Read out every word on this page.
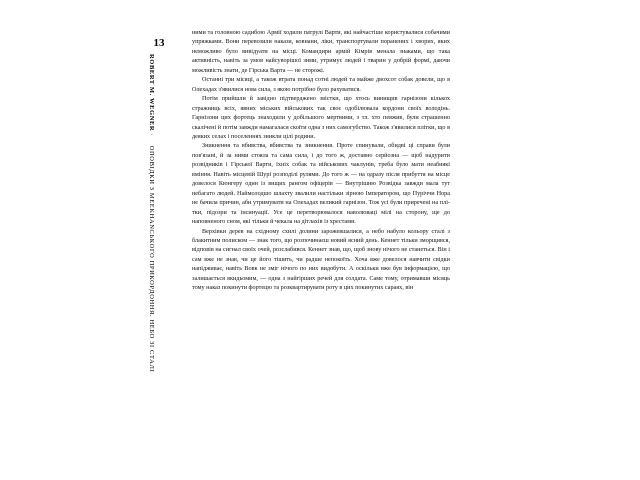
13
ROBERT M. WEGNER · OПОВІДКИ З MEEKHANСЬКОГО ПРИКОРДОННЯ. НЕБО ЗІ СТАЛІ

ними та головною садибою Армії ходили патрулі Варти, які найчастіше користувалися собачими упряжками. Вони перевозили накази, ковнани, ліки, транспортували поранених і хворих, яких неможливо було вивідуати на місці. Командири армій Кімрів менала знаками, що така активність, навіть за умов найсуворішої зими, утримує людей і тварин у добрій формі, даючи можливість знати, де Гірська Варта — не сторожі.

Останні три місяці, а також втрата понад сотні людей та майже двохсот собак довели, що в Олехадах з'явилися нова сила, з якою потрібно було рахуватися.

Потім прийшли й завідно підтверджено звістки, що хтось винищив гарнізони кількох стражниць всіх, явних міських військових так своє одобілювала кордони своїх володінь. Гарнізони цих фортець знаходили у добільшого мертвими, з тл. хто певжив, були страшенно скалічені й потім завжди намагалася скоїти одна з них самогубство. Також з'явилися плітки, що в деяких селах і поселеннях зникли цілі родини.

Зникнення та вбивства, вбивства та зникнення. Проте спинували, обидві ці справи були пов'язані, й за ними стояла та сама сила, і до того ж, доставно серйозна — щоб надурити розвідників і Гірської Варти, їхніх собак та військових чаклунів, треба було мати неабиякі вміння. Навіть місцевій Шурі розподілі рулями. До того ж — на одразу після прибуття на місце довелося Кюнгеру один із вищих рангом офіцерів — Внутрішню Розвідка завжди мала тут небагато людей. Наймолодшо шлахту звалили настільки зірною Імператором, що Пуріччи Нора не бачила причин, аби утримувати на Олехадах великий гарнізон. Тож усі були приречені на плітки, підозри та інсинуації. Усе це перетворювалося наволюваці мілі на сторону, ще до наповненого сном, які тільки й чекала на дітлахів із хрестами.

Верхівки дерев на східному схилі долини зарожевшалися, а небо набуло кольору сталі з блакитним полиском — знак того, що розпочинаєш новий ясний день. Кеннет тільки зморщився, відповів на сигнал своїх очей, розслабився. Кеннет знав, що, щоб знову нічого не станеться. Він і сам вже не знав, чи це його тішить, чи радше непокоїть. Хоча вже довелося навчити свідки напідживає, навіть Вовк не зміг нічого по них видобути. А оскільки вже був інформацією, що залишається вкидьомим, — одна з найгірших речей для солдата. Саме тому, отримавши місяць тому наказ покинути фортецю та розквартирувати роту в цих покинутих сараях, він
